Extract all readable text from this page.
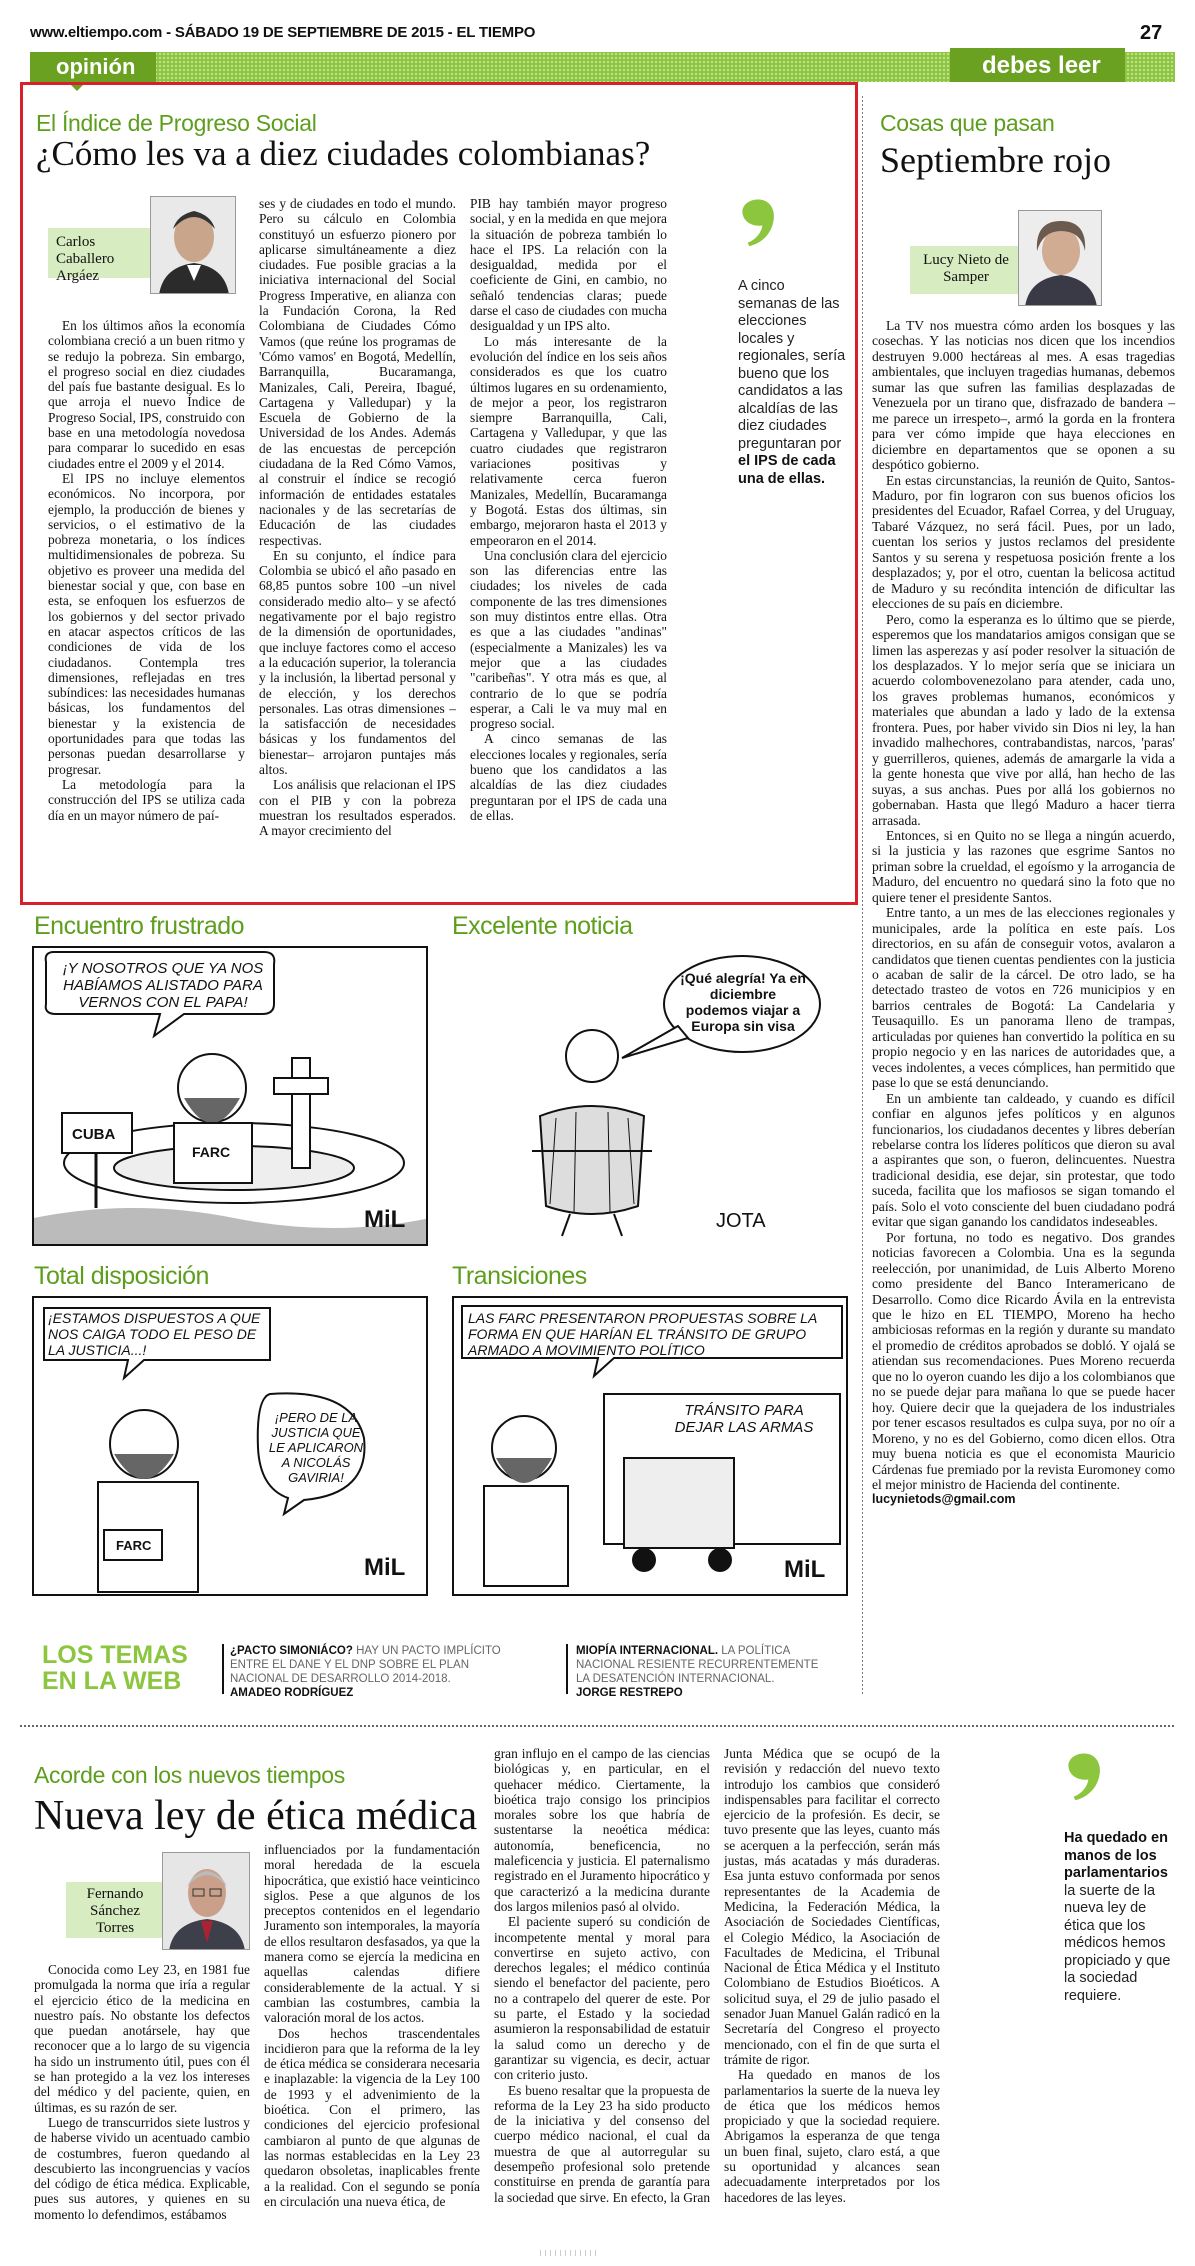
www.eltiempo.com - SÁBADO 19 DE SEPTIEMBRE DE 2015 - EL TIEMPO	27
opinión	debes leer
El Índice de Progreso Social
¿Cómo les va a diez ciudades colombianas?
Carlos Caballero Argáez

En los últimos años la economía colombiana creció a un buen ritmo y se redujo la pobreza. Sin embargo, el progreso social en diez ciudades del país fue bastante desigual. Es lo que arroja el nuevo Índice de Progreso Social, IPS, construido con base en una metodología novedosa para comparar lo sucedido en esas ciudades entre el 2009 y el 2014.

El IPS no incluye elementos económicos. No incorpora, por ejemplo, la producción de bienes y servicios, o el estimativo de la pobreza monetaria, o los índices multidimensionales de pobreza. Su objetivo es proveer una medida del bienestar social y que, con base en esta, se enfoquen los esfuerzos de los gobiernos y del sector privado en atacar aspectos críticos de las condiciones de vida de los ciudadanos. Contempla tres dimensiones, reflejadas en tres subíndices: las necesidades humanas básicas, los fundamentos del bienestar y la existencia de oportunidades para que todas las personas puedan desarrollarse y progresar.

La metodología para la construcción del IPS se utiliza cada día en un mayor número de paí-

ses y de ciudades en todo el mundo. Pero su cálculo en Colombia constituyó un esfuerzo pionero por aplicarse simultáneamente a diez ciudades. Fue posible gracias a la iniciativa internacional del Social Progress Imperative, en alianza con la Fundación Corona, la Red Colombiana de Ciudades Cómo Vamos (que reúne los programas de 'Cómo vamos' en Bogotá, Medellín, Barranquilla, Bucaramanga, Manizales, Cali, Pereira, Ibagué, Cartagena y Valledupar) y la Escuela de Gobierno de la Universidad de los Andes. Además de las encuestas de percepción ciudadana de la Red Cómo Vamos, al construir el índice se recogió información de entidades estatales nacionales y de las secretarías de Educación de las ciudades respectivas.

En su conjunto, el índice para Colombia se ubicó el año pasado en 68,85 puntos sobre 100 –un nivel considerado medio alto– y se afectó negativamente por el bajo registro de la dimensión de oportunidades, que incluye factores como el acceso a la educación superior, la tolerancia y la inclusión, la libertad personal y de elección, y los derechos personales. Las otras dimensiones –la satisfacción de necesidades básicas y los fundamentos del bienestar– arrojaron puntajes más altos.

Los análisis que relacionan el IPS con el PIB y con la pobreza muestran los resultados esperados. A mayor crecimiento del

PIB hay también mayor progreso social, y en la medida en que mejora la situación de pobreza también lo hace el IPS. La relación con la desigualdad, medida por el coeficiente de Gini, en cambio, no señaló tendencias claras; puede darse el caso de ciudades con mucha desigualdad y un IPS alto.

Lo más interesante de la evolución del índice en los seis años considerados es que los cuatro últimos lugares en su ordenamiento, de mejor a peor, los registraron siempre Barranquilla, Cali, Cartagena y Valledupar, y que las cuatro ciudades que registraron variaciones positivas y relativamente cerca fueron Manizales, Medellín, Bucaramanga y Bogotá. Estas dos últimas, sin embargo, mejoraron hasta el 2013 y empeoraron en el 2014.

Una conclusión clara del ejercicio son las diferencias entre las ciudades; los niveles de cada componente de las tres dimensiones son muy distintos entre ellas. Otra es que a las ciudades "andinas" (especialmente a Manizales) les va mejor que a las ciudades "caribeñas". Y otra más es que, al contrario de lo que se podría esperar, a Cali le va muy mal en progreso social.

A cinco semanas de las elecciones locales y regionales, sería bueno que los candidatos a las alcaldías de las diez ciudades preguntaran por el IPS de cada una de ellas.

A cinco semanas de las elecciones locales y regionales, sería bueno que los candidatos a las alcaldías de las diez ciudades preguntaran por el IPS de cada una de ellas.
Cosas que pasan
Septiembre rojo
Lucy Nieto de Samper

La TV nos muestra cómo arden los bosques y las cosechas. Y las noticias nos dicen que los incendios destruyen 9.000 hectáreas al mes. A esas tragedias ambientales, que incluyen tragedias humanas, debemos sumar las que sufren las familias desplazadas de Venezuela por un tirano que, disfrazado de bandera –me parece un irrespeto–, armó la gorda en la frontera para ver cómo impide que haya elecciones en diciembre en departamentos que se oponen a su despótico gobierno.

En estas circunstancias, la reunión de Quito, Santos-Maduro, por fin lograron con sus buenos oficios los presidentes del Ecuador, Rafael Correa, y del Uruguay, Tabaré Vázquez, no será fácil. Pues, por un lado, cuentan los serios y justos reclamos del presidente Santos y su serena y respetuosa posición frente a los desplazados; y, por el otro, cuentan la belicosa actitud de Maduro y su recóndita intención de dificultar las elecciones de su país en diciembre.

Pero, como la esperanza es lo último que se pierde, esperemos que los mandatarios amigos consigan que se limen las asperezas y así poder resolver la situación de los desplazados. Y lo mejor sería que se iniciara un acuerdo colombovenezolano para atender, cada uno, los graves problemas humanos, económicos y materiales que abundan a lado y lado de la extensa frontera. Pues, por haber vivido sin Dios ni ley, la han invadido malhechores, contrabandistas, narcos, 'paras' y guerrilleros, quienes, además de amargarle la vida a la gente honesta que vive por allá, han hecho de las suyas, a sus anchas. Pues por allá los gobiernos no gobernaban. Hasta que llegó Maduro a hacer tierra arrasada.

Entonces, si en Quito no se llega a ningún acuerdo, si la justicia y las razones que esgrime Santos no priman sobre la crueldad, el egoísmo y la arrogancia de Maduro, del encuentro no quedará sino la foto que no quiere tener el presidente Santos.

Entre tanto, a un mes de las elecciones regionales y municipales, arde la política en este país. Los directorios, en su afán de conseguir votos, avalaron a candidatos que tienen cuentas pendientes con la justicia o acaban de salir de la cárcel. De otro lado, se ha detectado trasteo de votos en 726 municipios y en barrios centrales de Bogotá: La Candelaria y Teusaquillo. Es un panorama lleno de trampas, articuladas por quienes han convertido la política en su propio negocio y en las narices de autoridades que, a veces indolentes, a veces cómplices, han permitido que pase lo que se está denunciando.

En un ambiente tan caldeado, y cuando es difícil confiar en algunos jefes políticos y en algunos funcionarios, los ciudadanos decentes y libres deberían rebelarse contra los líderes políticos que dieron su aval a aspirantes que son, o fueron, delincuentes. Nuestra tradicional desidia, ese dejar, sin protestar, que todo suceda, facilita que los mafiosos se sigan tomando el país. Solo el voto consciente del buen ciudadano podrá evitar que sigan ganando los candidatos indeseables.

Por fortuna, no todo es negativo. Dos grandes noticias favorecen a Colombia. Una es la segunda reelección, por unanimidad, de Luis Alberto Moreno como presidente del Banco Interamericano de Desarrollo. Como dice Ricardo Ávila en la entrevista que le hizo en EL TIEMPO, Moreno ha hecho ambiciosas reformas en la región y durante su mandato el promedio de créditos aprobados se dobló. Y ojalá se atiendan sus recomendaciones. Pues Moreno recuerda que no lo oyeron cuando les dijo a los colombianos que no se puede dejar para mañana lo que se puede hacer hoy. Quiere decir que la quejadera de los industriales por tener escasos resultados es culpa suya, por no oír a Moreno, y no es del Gobierno, como dicen ellos. Otra muy buena noticia es que el economista Mauricio Cárdenas fue premiado por la revista Euromoney como el mejor ministro de Hacienda del continente.

lucynietods@gmail.com

Encuentro frustrado
¡Y NOSOTROS QUE YA NOS HABÍAMOS ALISTADO PARA VERNOS CON EL PAPA!
CUBA
FARC
MiL
Excelente noticia
¡Qué alegría! Ya en diciembre podemos viajar a Europa sin visa
JOTA
Total disposición
¡ESTAMOS DISPUESTOS A QUE NOS CAIGA TODO EL PESO DE LA JUSTICIA...!
¡PERO DE LA JUSTICIA QUE LE APLICARON A NICOLÁS GAVIRIA!
FARC
MiL
Transiciones
LAS FARC PRESENTARON PROPUESTAS SOBRE LA FORMA EN QUE HARÍAN EL TRÁNSITO DE GRUPO ARMADO A MOVIMIENTO POLÍTICO
TRÁNSITO PARA DEJAR LAS ARMAS
MiL
LOS TEMAS
EN LA WEB
¿PACTO SIMONIÁCO? HAY UN PACTO IMPLÍCITO ENTRE EL DANE Y EL DNP SOBRE EL PLAN NACIONAL DE DESARROLLO 2014-2018.
AMADEO RODRÍGUEZ
MIOPÍA INTERNACIONAL. LA POLÍTICA NACIONAL RESIENTE RECURRENTEMENTE LA DESATENCIÓN INTERNACIONAL.
JORGE RESTREPO
Acorde con los nuevos tiempos
Nueva ley de ética médica
Fernando Sánchez Torres

Conocida como Ley 23, en 1981 fue promulgada la norma que iría a regular el ejercicio ético de la medicina en nuestro país. No obstante los defectos que puedan anotársele, hay que reconocer que a lo largo de su vigencia ha sido un instrumento útil, pues con él se han protegido a la vez los intereses del médico y del paciente, quien, en últimas, es su razón de ser.

Luego de transcurridos siete lustros y de haberse vivido un acentuado cambio de costumbres, fueron quedando al descubierto las incongruencias y vacíos del código de ética médica. Explicable, pues sus autores, y quienes en su momento lo defendimos, estábamos

influenciados por la fundamentación moral heredada de la escuela hipocrática, que existió hace veinticinco siglos. Pese a que algunos de los preceptos contenidos en el legendario Juramento son intemporales, la mayoría de ellos resultaron desfasados, ya que la manera como se ejercía la medicina en aquellas calendas difiere considerablemente de la actual. Y si cambian las costumbres, cambia la valoración moral de los actos.

Dos hechos trascendentales incidieron para que la reforma de la ley de ética médica se considerara necesaria e inaplazable: la vigencia de la Ley 100 de 1993 y el advenimiento de la bioética. Con el primero, las condiciones del ejercicio profesional cambiaron al punto de que algunas de las normas establecidas en la Ley 23 quedaron obsoletas, inaplicables frente a la realidad. Con el segundo se ponía en circulación una nueva ética, de

gran influjo en el campo de las ciencias biológicas y, en particular, en el quehacer médico. Ciertamente, la bioética trajo consigo los principios morales sobre los que habría de sustentarse la neoética médica: autonomía, beneficencia, no maleficencia y justicia. El paternalismo registrado en el Juramento hipocrático y que caracterizó a la medicina durante dos largos milenios pasó al olvido.

El paciente superó su condición de incompetente mental y moral para convertirse en sujeto activo, con derechos legales; el médico continúa siendo el benefactor del paciente, pero no a contrapelo del querer de este. Por su parte, el Estado y la sociedad asumieron la responsabilidad de estatuir la salud como un derecho y de garantizar su vigencia, es decir, actuar con criterio justo.

Es bueno resaltar que la propuesta de reforma de la Ley 23 ha sido producto de la iniciativa y del consenso del cuerpo médico nacional, el cual da muestra de que al autorregular su desempeño profesional solo pretende constituirse en prenda de garantía para la sociedad que sirve. En efecto, la Gran

Junta Médica que se ocupó de la revisión y redacción del nuevo texto introdujo los cambios que consideró indispensables para facilitar el correcto ejercicio de la profesión. Es decir, se tuvo presente que las leyes, cuanto más se acerquen a la perfección, serán más justas, más acatadas y más duraderas. Esa junta estuvo conformada por senos representantes de la Academia de Medicina, la Federación Médica, la Asociación de Sociedades Científicas, el Colegio Médico, la Asociación de Facultades de Medicina, el Tribunal Nacional de Ética Médica y el Instituto Colombiano de Estudios Bioéticos. A solicitud suya, el 29 de julio pasado el senador Juan Manuel Galán radicó en la Secretaría del Congreso el proyecto mencionado, con el fin de que surta el trámite de rigor.

Ha quedado en manos de los parlamentarios la suerte de la nueva ley de ética que los médicos hemos propiciado y que la sociedad requiere. Abrigamos la esperanza de que tenga un buen final, sujeto, claro está, a que su oportunidad y alcances sean adecuadamente interpretados por los hacedores de las leyes.

Ha quedado en manos de los parlamentarios la suerte de la nueva ley de ética que los médicos hemos propiciado y que la sociedad requiere.
